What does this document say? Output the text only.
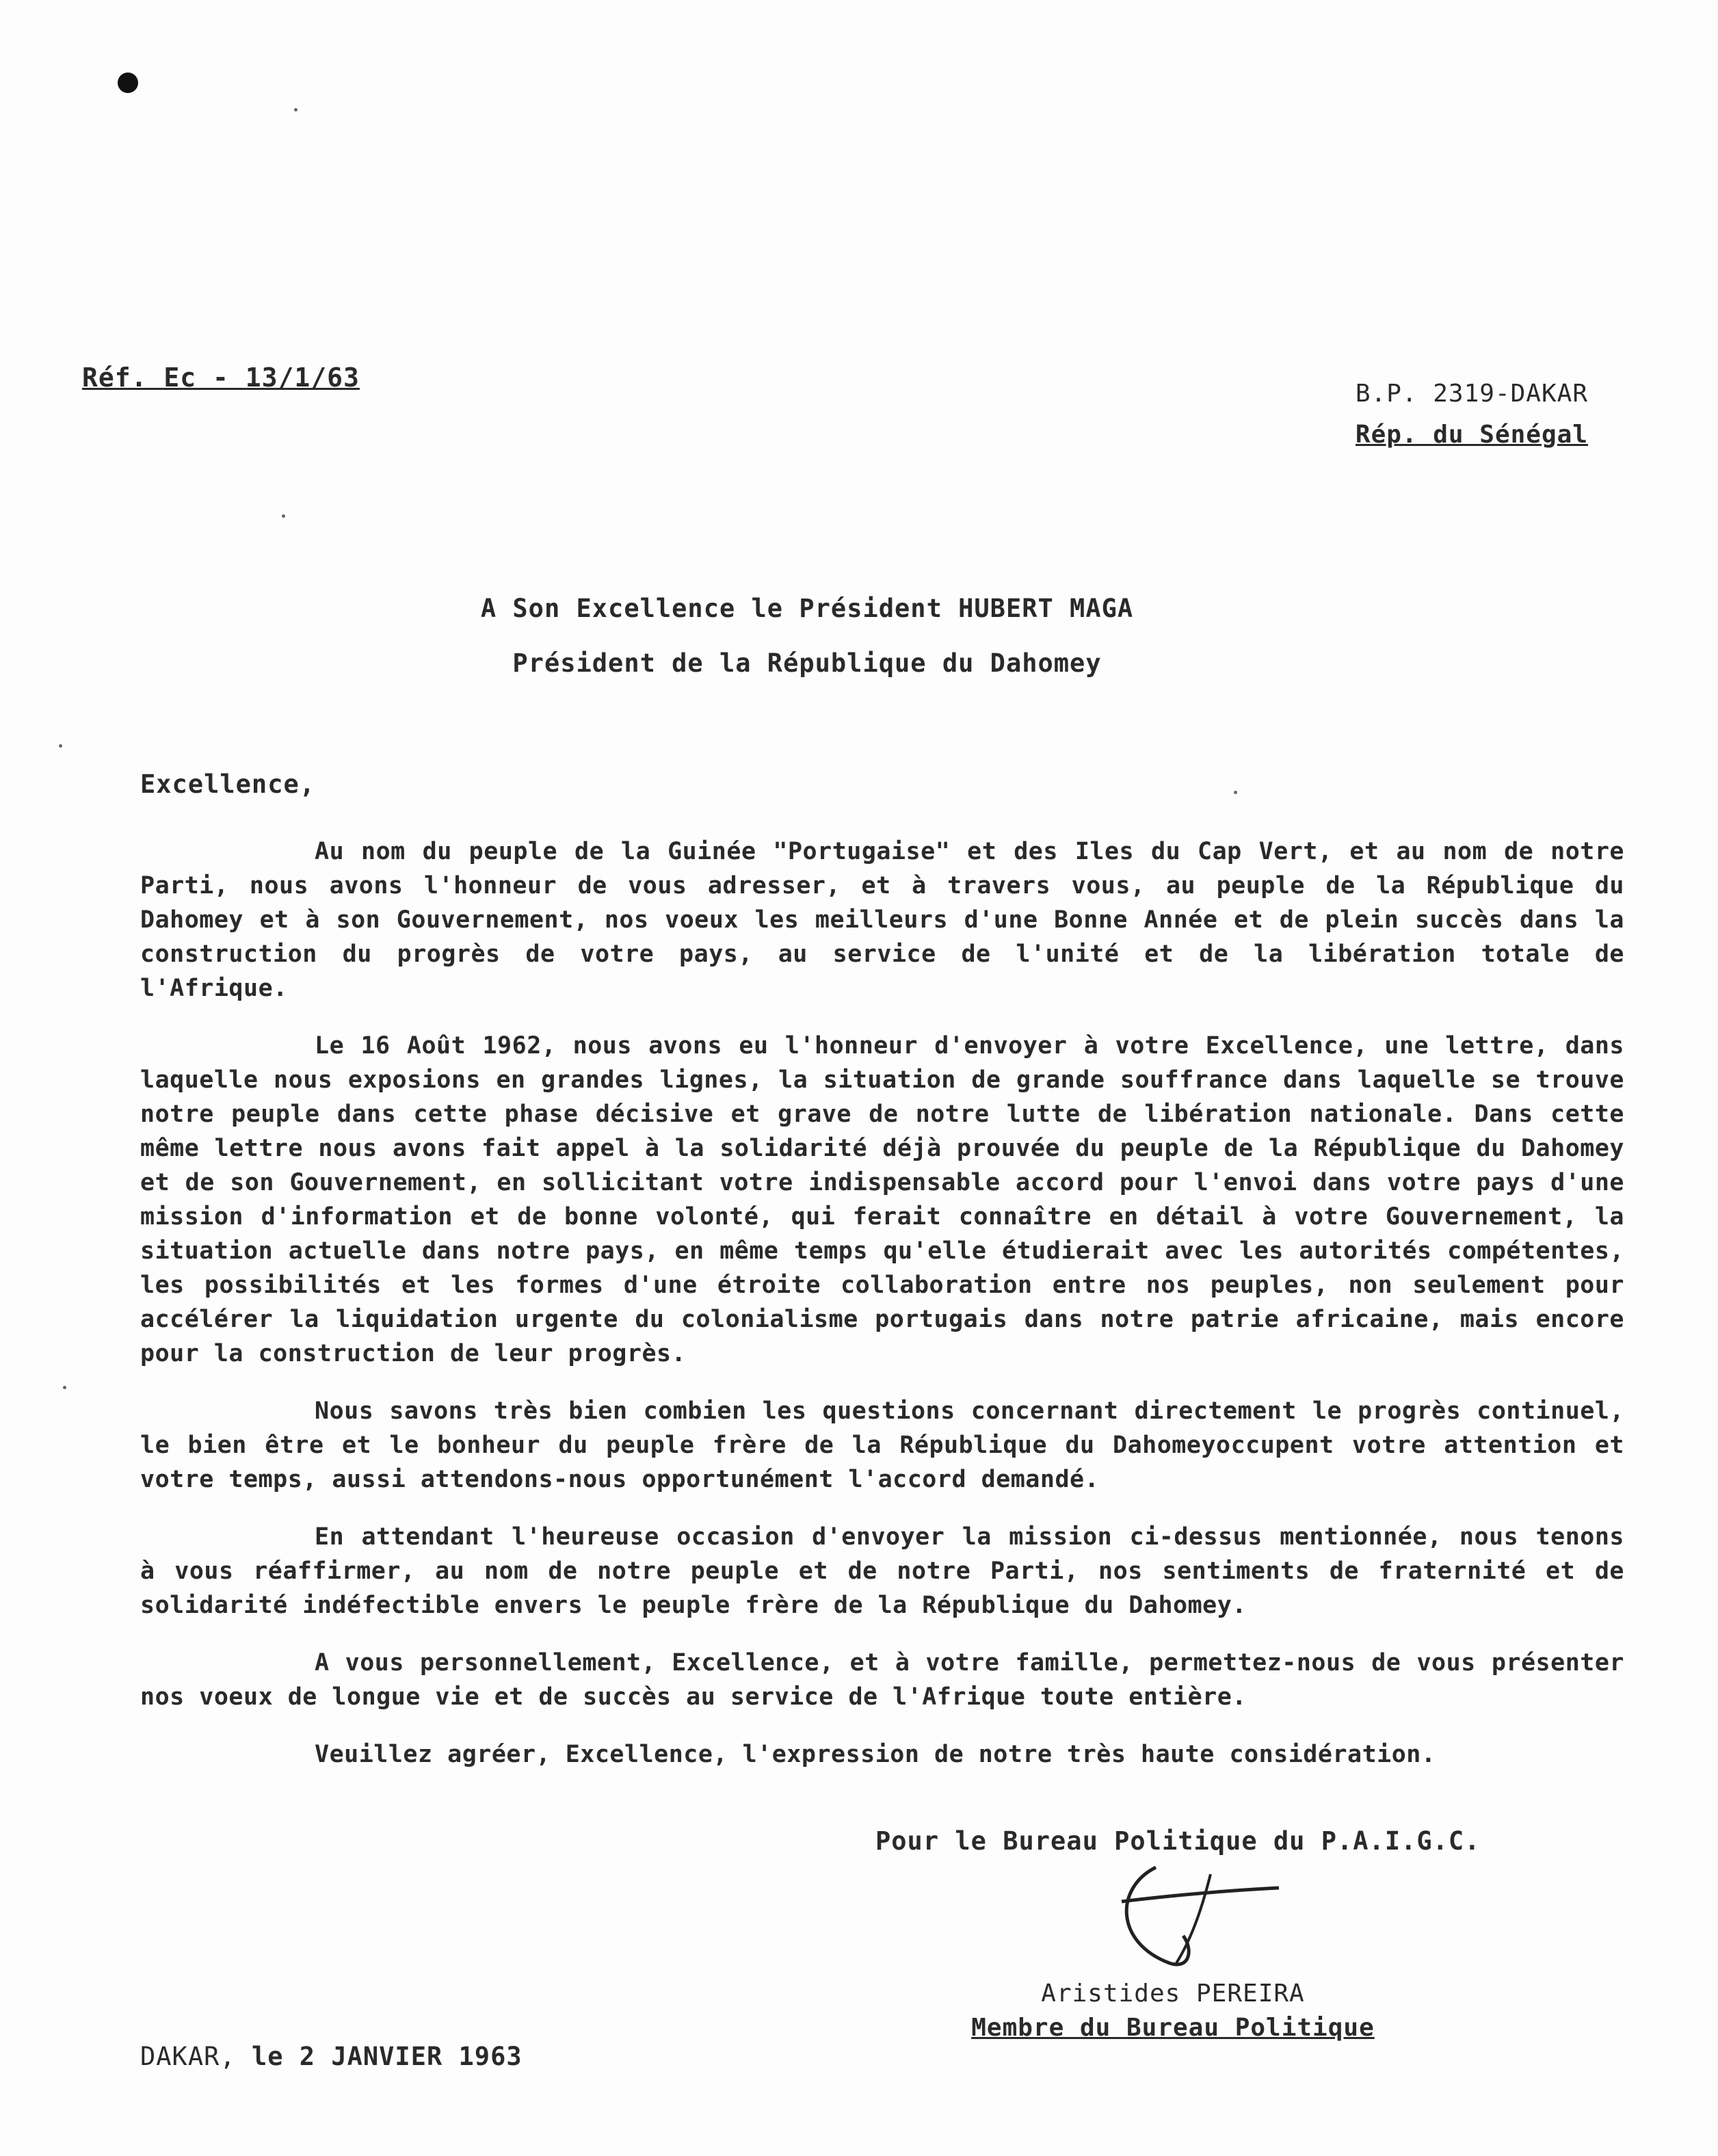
Réf. Ec - 13/1/63
B.P. 2319-DAKAR
Rép. du Sénégal
A Son Excellence le Président HUBERT MAGA
Président de la République du Dahomey
Excellence,

Au nom du peuple de la Guinée "Portugaise" et des Iles du Cap Vert, et au nom de notre Parti, nous avons l'honneur de vous adresser, et à travers vous, au peuple de la République du Dahomey et à son Gouvernement, nos voeux les meilleurs d'une Bonne Année et de plein succès dans la construction du progrès de votre pays, au service de l'unité et de la libération totale de l'Afrique.

Le 16 Août 1962, nous avons eu l'honneur d'envoyer à votre Excellence, une lettre, dans laquelle nous exposions en grandes lignes, la situation de grande souffrance dans laquelle se trouve notre peuple dans cette phase décisive et grave de notre lutte de libération nationale. Dans cette même lettre nous avons fait appel à la solidarité déjà prouvée du peuple de la République du Dahomey et de son Gouvernement, en sollicitant votre indispensable accord pour l'envoi dans votre pays d'une mission d'information et de bonne volonté, qui ferait connaître en détail à votre Gouvernement, la situation actuelle dans notre pays, en même temps qu'elle étudierait avec les autorités compétentes, les possibilités et les formes d'une étroite collaboration entre nos peuples, non seulement pour accélérer la liquidation urgente du colonialisme portugais dans notre patrie africaine, mais encore pour la construction de leur progrès.

Nous savons très bien combien les questions concernant directement le progrès continuel, le bien être et le bonheur du peuple frère de la République du Dahomeyoccupent votre attention et votre temps, aussi attendons-nous opportunément l'accord demandé.

En attendant l'heureuse occasion d'envoyer la mission ci-dessus mentionnée, nous tenons à vous réaffirmer, au nom de notre peuple et de notre Parti, nos sentiments de fraternité et de solidarité indéfectible envers le peuple frère de la République du Dahomey.

A vous personnellement, Excellence, et à votre famille, permettez-nous de vous présenter nos voeux de longue vie et de succès au service de l'Afrique toute entière.

Veuillez agréer, Excellence, l'expression de notre très haute considération.

Pour le Bureau Politique du P.A.I.G.C.
Aristides PEREIRA
Membre du Bureau Politique
DAKAR, le 2 JANVIER 1963
